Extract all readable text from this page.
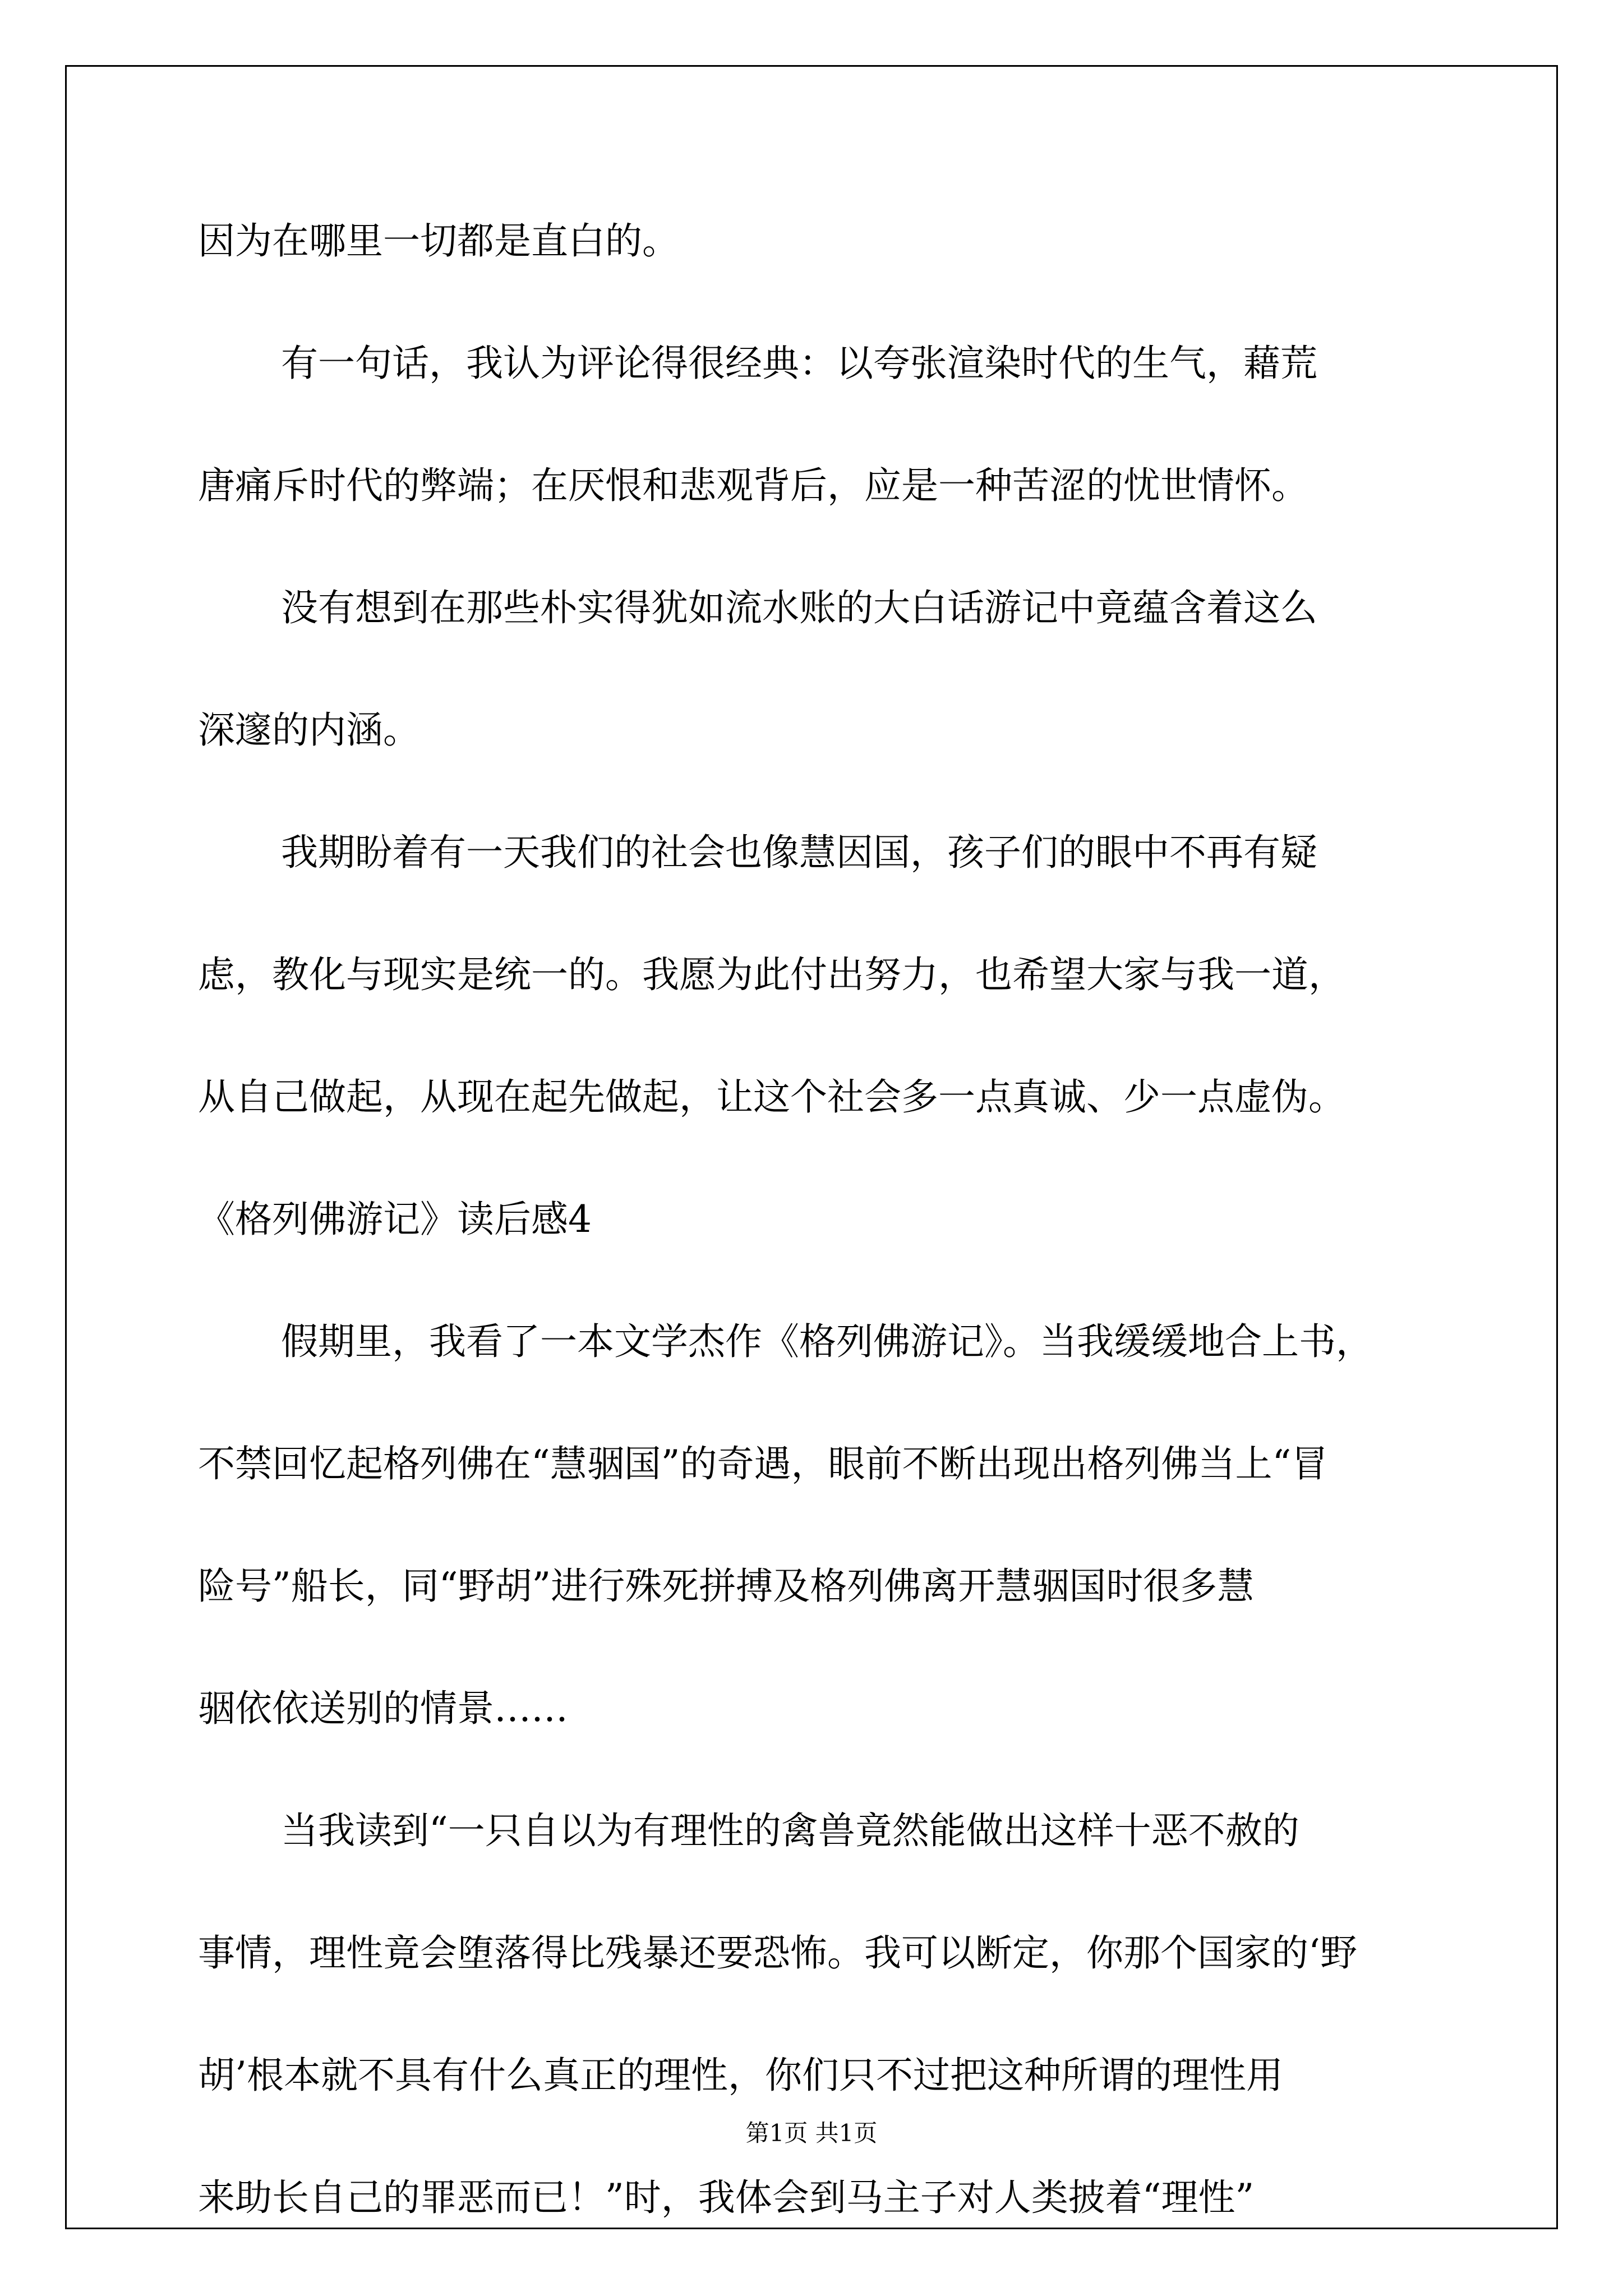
因为在哪里一切都是直白的。
有一句话，我认为评论得很经典：以夸张渲染时代的生气，藉荒
唐痛斥时代的弊端；在厌恨和悲观背后，应是一种苦涩的忧世情怀。
没有想到在那些朴实得犹如流水账的大白话游记中竟蕴含着这么
深邃的内涵。
我期盼着有一天我们的社会也像慧因国，孩子们的眼中不再有疑
虑，教化与现实是统一的。我愿为此付出努力，也希望大家与我一道，
从自己做起，从现在起先做起，让这个社会多一点真诚、少一点虚伪。
《格列佛游记》读后感4
假期里，我看了一本文学杰作《格列佛游记》。当我缓缓地合上书，
不禁回忆起格列佛在“慧骃国”的奇遇，眼前不断出现出格列佛当上“冒
险号”船长，同“野胡”进行殊死拼搏及格列佛离开慧骃国时很多慧
骃依依送别的情景……
当我读到“一只自以为有理性的禽兽竟然能做出这样十恶不赦的
事情，理性竟会堕落得比残暴还要恐怖。我可以断定，你那个国家的‘野
胡’根本就不具有什么真正的理性，你们只不过把这种所谓的理性用
来助长自己的罪恶而已！”时，我体会到马主子对人类披着“理性”
第1页 共1页
